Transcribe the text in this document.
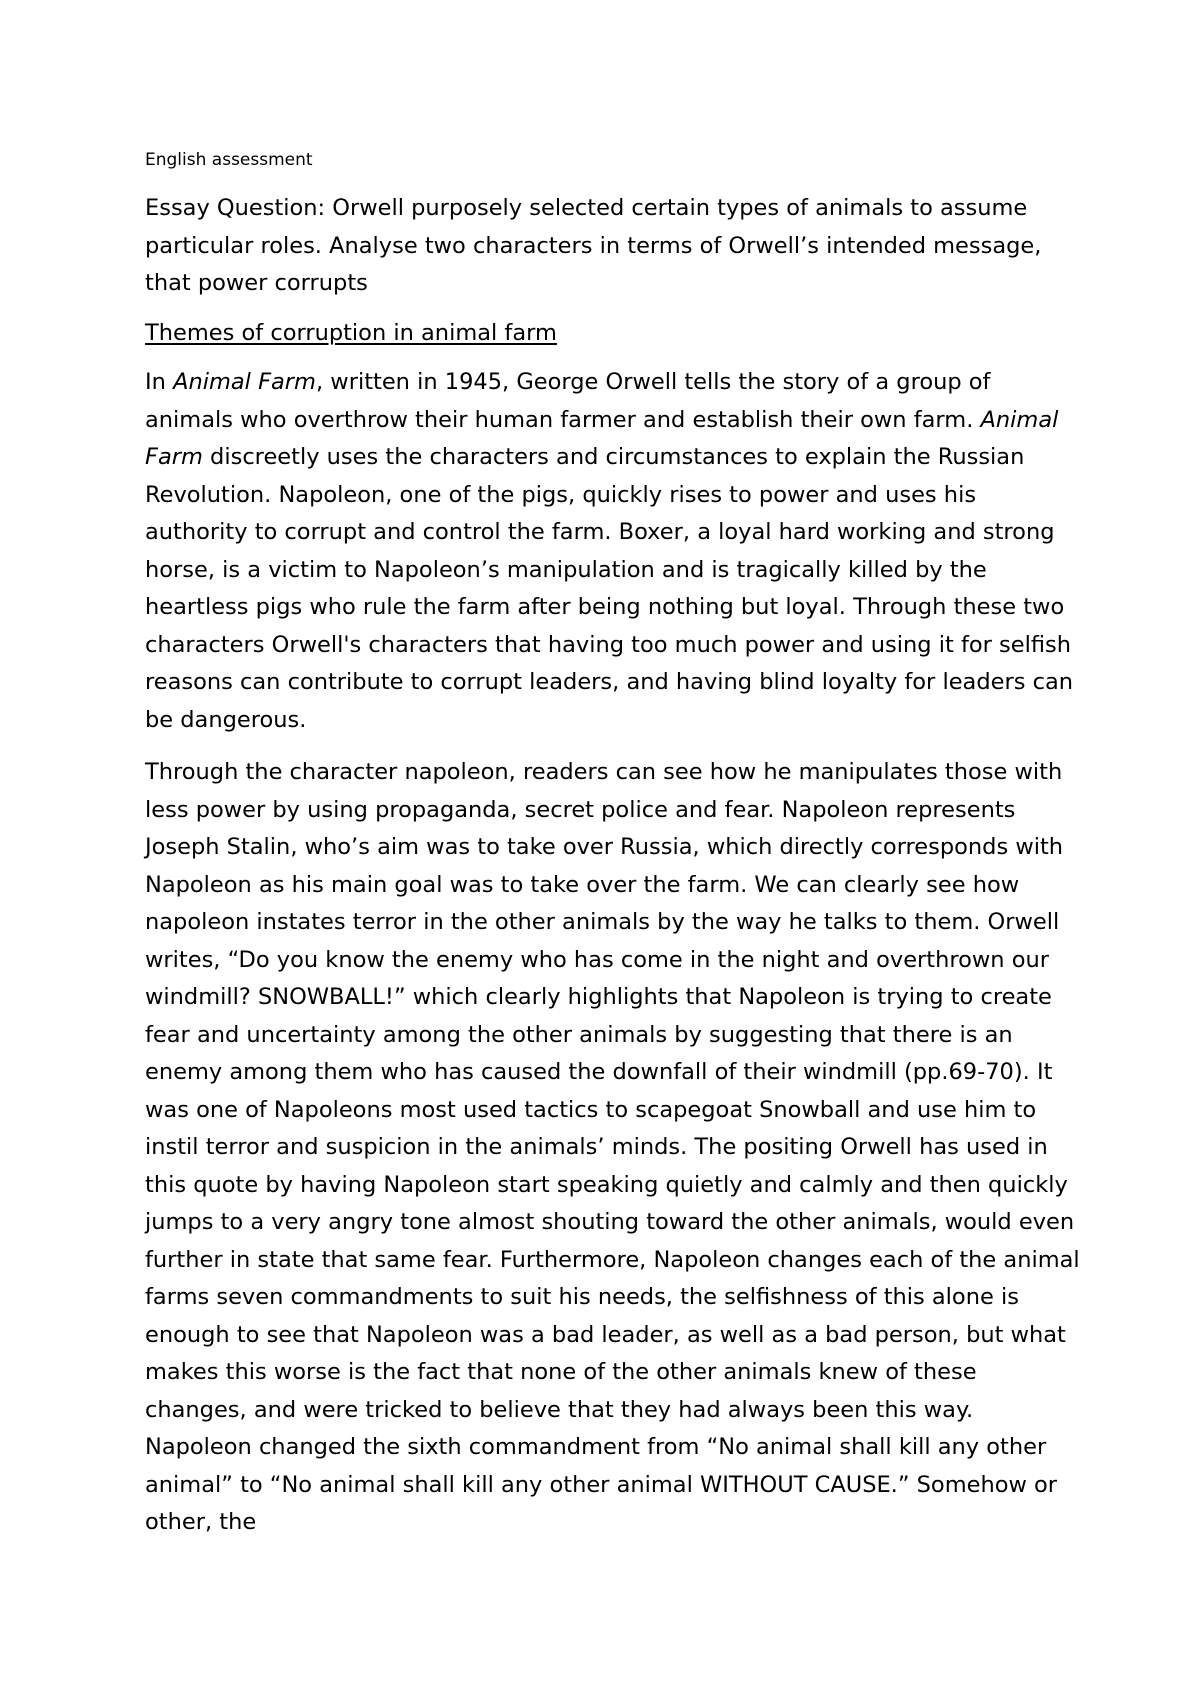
English assessment

Essay Question: Orwell purposely selected certain types of animals to assume particular roles. Analyse two characters in terms of Orwell’s intended message, that power corrupts

Themes of corruption in animal farm

In Animal Farm, written in 1945, George Orwell tells the story of a group of animals who overthrow their human farmer and establish their own farm. Animal Farm discreetly uses the characters and circumstances to explain the Russian Revolution. Napoleon, one of the pigs, quickly rises to power and uses his authority to corrupt and control the farm. Boxer, a loyal hard working and strong horse, is a victim to Napoleon’s manipulation and is tragically killed by the heartless pigs who rule the farm after being nothing but loyal. Through these two characters Orwell's characters that having too much power and using it for selfish reasons can contribute to corrupt leaders, and having blind loyalty for leaders can be dangerous.

Through the character napoleon, readers can see how he manipulates those with less power by using propaganda, secret police and fear. Napoleon represents Joseph Stalin, who’s aim was to take over Russia, which directly corresponds with Napoleon as his main goal was to take over the farm. We can clearly see how napoleon instates terror in the other animals by the way he talks to them. Orwell writes, “Do you know the enemy who has come in the night and overthrown our windmill? SNOWBALL!” which clearly highlights that Napoleon is trying to create fear and uncertainty among the other animals by suggesting that there is an enemy among them who has caused the downfall of their windmill (pp.69-70). It was one of Napoleons most used tactics to scapegoat Snowball and use him to instil terror and suspicion in the animals’ minds. The positing Orwell has used in this quote by having Napoleon start speaking quietly and calmly and then quickly jumps to a very angry tone almost shouting toward the other animals, would even further in state that same fear. Furthermore, Napoleon changes each of the animal farms seven commandments to suit his needs, the selfishness of this alone is enough to see that Napoleon was a bad leader, as well as a bad person, but what makes this worse is the fact that none of the other animals knew of these changes, and were tricked to believe that they had always been this way. Napoleon changed the sixth commandment from “No animal shall kill any other animal” to “No animal shall kill any other animal WITHOUT CAUSE.” Somehow or other, the
